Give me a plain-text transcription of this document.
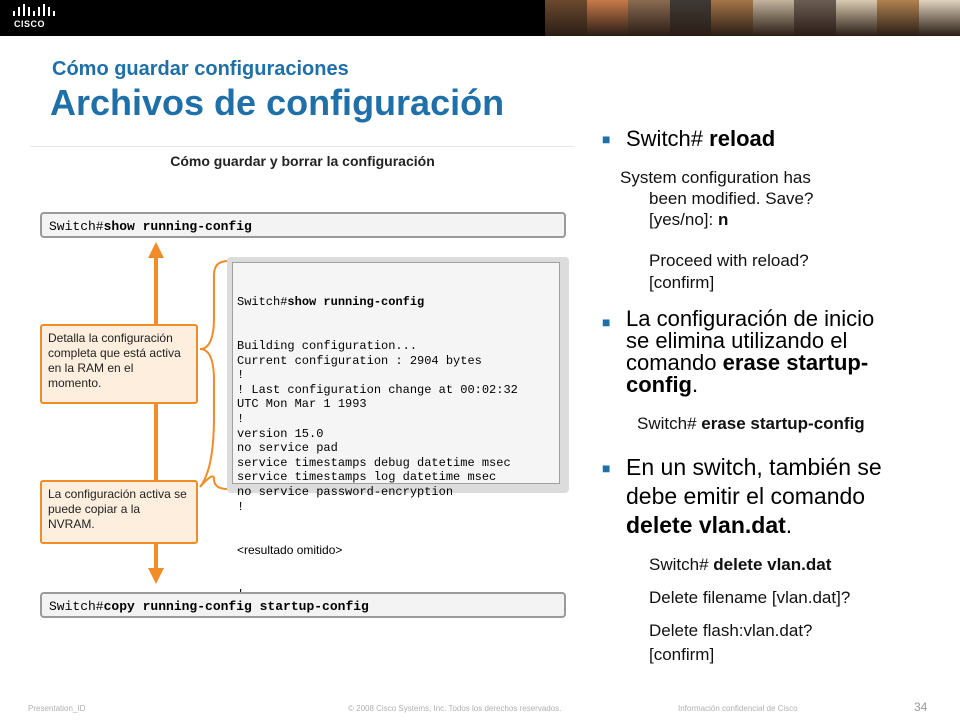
CISCO
Cómo guardar configuraciones
Archivos de configuración
Cómo guardar y borrar la configuración
Switch#show running-config
Detalla la configuración completa que está activa en la RAM en el momento.
La configuración activa se puede copiar a la NVRAM.

Switch#show running-config

Building configuration...
Current configuration : 2904 bytes
!
! Last configuration change at 00:02:32
UTC Mon Mar 1 1993
!
version 15.0
no service pad
service timestamps debug datetime msec
service timestamps log datetime msec
no service password-encryption
!

<resultado omitido>

Switch#copy running-config startup-config
■ Switch# reload
System configuration has
been modified. Save?
[yes/no]: n
Proceed with reload?
[confirm]
■ La configuración de inicio
se elimina utilizando el
comando erase startup-
config.
Switch# erase startup-config
■ En un switch, también se
debe emitir el comando
delete vlan.dat.
Switch# delete vlan.dat
Delete filename [vlan.dat]?
Delete flash:vlan.dat?
[confirm]
Presentation_ID	© 2008 Cisco Systems, Inc. Todos los derechos reservados.	Información confidencial de Cisco	34
